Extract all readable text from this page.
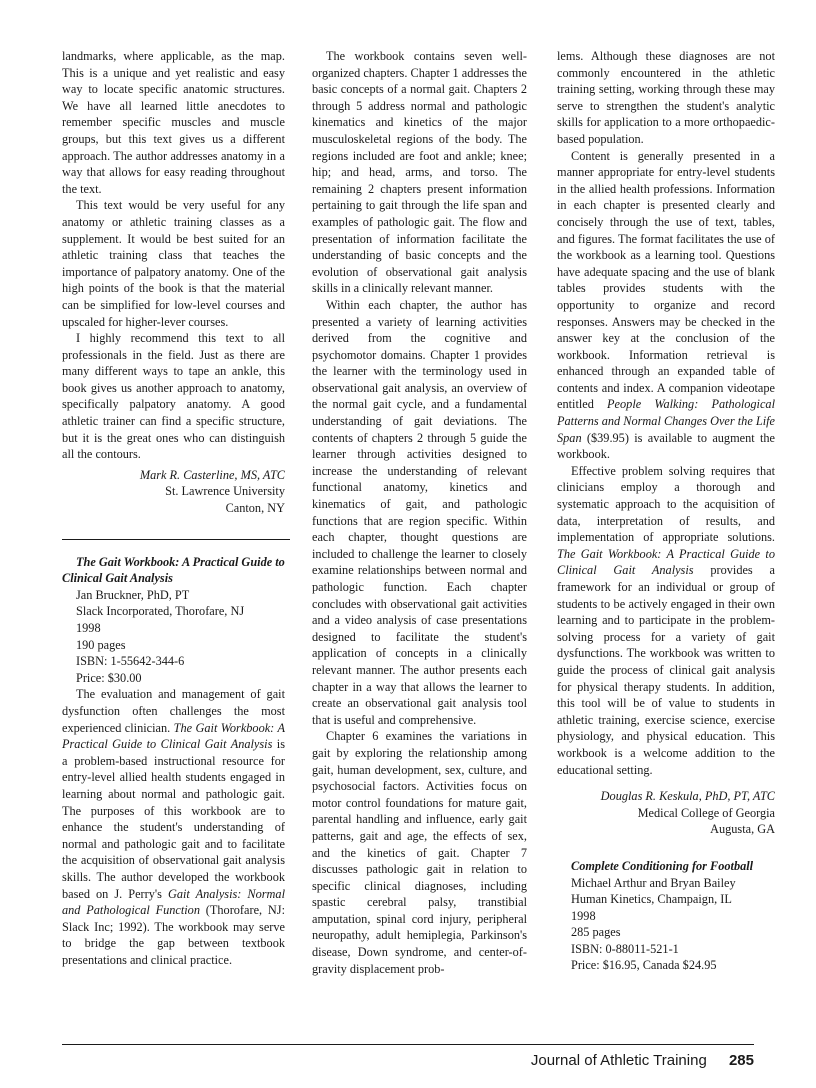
landmarks, where applicable, as the map. This is a unique and yet realistic and easy way to locate specific anatomic structures. We have all learned little anecdotes to remember specific muscles and muscle groups, but this text gives us a different approach. The author addresses anatomy in a way that allows for easy reading throughout the text.

This text would be very useful for any anatomy or athletic training classes as a supplement. It would be best suited for an athletic training class that teaches the importance of palpatory anatomy. One of the high points of the book is that the material can be simplified for low-level courses and upscaled for higher-lever courses.

I highly recommend this text to all professionals in the field. Just as there are many different ways to tape an ankle, this book gives us another approach to anatomy, specifically palpatory anatomy. A good athletic trainer can find a specific structure, but it is the great ones who can distinguish all the contours.

Mark R. Casterline, MS, ATC
St. Lawrence University
Canton, NY

The Gait Workbook: A Practical Guide to Clinical Gait Analysis

Jan Bruckner, PhD, PT

Slack Incorporated, Thorofare, NJ

1998

190 pages

ISBN: 1-55642-344-6

Price: $30.00

The evaluation and management of gait dysfunction often challenges the most experienced clinician. The Gait Workbook: A Practical Guide to Clinical Gait Analysis is a problem-based instructional resource for entry-level allied health students engaged in learning about normal and pathologic gait. The purposes of this workbook are to enhance the student's understanding of normal and pathologic gait and to facilitate the acquisition of observational gait analysis skills. The author developed the workbook based on J. Perry's Gait Analysis: Normal and Pathological Function (Thorofare, NJ: Slack Inc; 1992). The workbook may serve to bridge the gap between textbook presentations and clinical practice.

The workbook contains seven well-organized chapters. Chapter 1 addresses the basic concepts of a normal gait. Chapters 2 through 5 address normal and pathologic kinematics and kinetics of the major musculoskeletal regions of the body. The regions included are foot and ankle; knee; hip; and head, arms, and torso. The remaining 2 chapters present information pertaining to gait through the life span and examples of pathologic gait. The flow and presentation of information facilitate the understanding of basic concepts and the evolution of observational gait analysis skills in a clinically relevant manner.

Within each chapter, the author has presented a variety of learning activities derived from the cognitive and psychomotor domains. Chapter 1 provides the learner with the terminology used in observational gait analysis, an overview of the normal gait cycle, and a fundamental understanding of gait deviations. The contents of chapters 2 through 5 guide the learner through activities designed to increase the understanding of relevant functional anatomy, kinetics and kinematics of gait, and pathologic functions that are region specific. Within each chapter, thought questions are included to challenge the learner to closely examine relationships between normal and pathologic function. Each chapter concludes with observational gait activities and a video analysis of case presentations designed to facilitate the student's application of concepts in a clinically relevant manner. The author presents each chapter in a way that allows the learner to create an observational gait analysis tool that is useful and comprehensive.

Chapter 6 examines the variations in gait by exploring the relationship among gait, human development, sex, culture, and psychosocial factors. Activities focus on motor control foundations for mature gait, parental handling and influence, early gait patterns, gait and age, the effects of sex, and the kinetics of gait. Chapter 7 discusses pathologic gait in relation to specific clinical diagnoses, including spastic cerebral palsy, transtibial amputation, spinal cord injury, peripheral neuropathy, adult hemiplegia, Parkinson's disease, Down syndrome, and center-of-gravity displacement prob-

lems. Although these diagnoses are not commonly encountered in the athletic training setting, working through these may serve to strengthen the student's analytic skills for application to a more orthopaedic-based population.

Content is generally presented in a manner appropriate for entry-level students in the allied health professions. Information in each chapter is presented clearly and concisely through the use of text, tables, and figures. The format facilitates the use of the workbook as a learning tool. Questions have adequate spacing and the use of blank tables provides students with the opportunity to organize and record responses. Answers may be checked in the answer key at the conclusion of the workbook. Information retrieval is enhanced through an expanded table of contents and index. A companion videotape entitled People Walking: Pathological Patterns and Normal Changes Over the Life Span ($39.95) is available to augment the workbook.

Effective problem solving requires that clinicians employ a thorough and systematic approach to the acquisition of data, interpretation of results, and implementation of appropriate solutions. The Gait Workbook: A Practical Guide to Clinical Gait Analysis provides a framework for an individual or group of students to be actively engaged in their own learning and to participate in the problem-solving process for a variety of gait dysfunctions. The workbook was written to guide the process of clinical gait analysis for physical therapy students. In addition, this tool will be of value to students in athletic training, exercise science, exercise physiology, and physical education. This workbook is a welcome addition to the educational setting.

Douglas R. Keskula, PhD, PT, ATC
Medical College of Georgia
Augusta, GA

Complete Conditioning for Football

Michael Arthur and Bryan Bailey

Human Kinetics, Champaign, IL

1998

285 pages

ISBN: 0-88011-521-1

Price: $16.95, Canada $24.95

Journal of Athletic Training 285
